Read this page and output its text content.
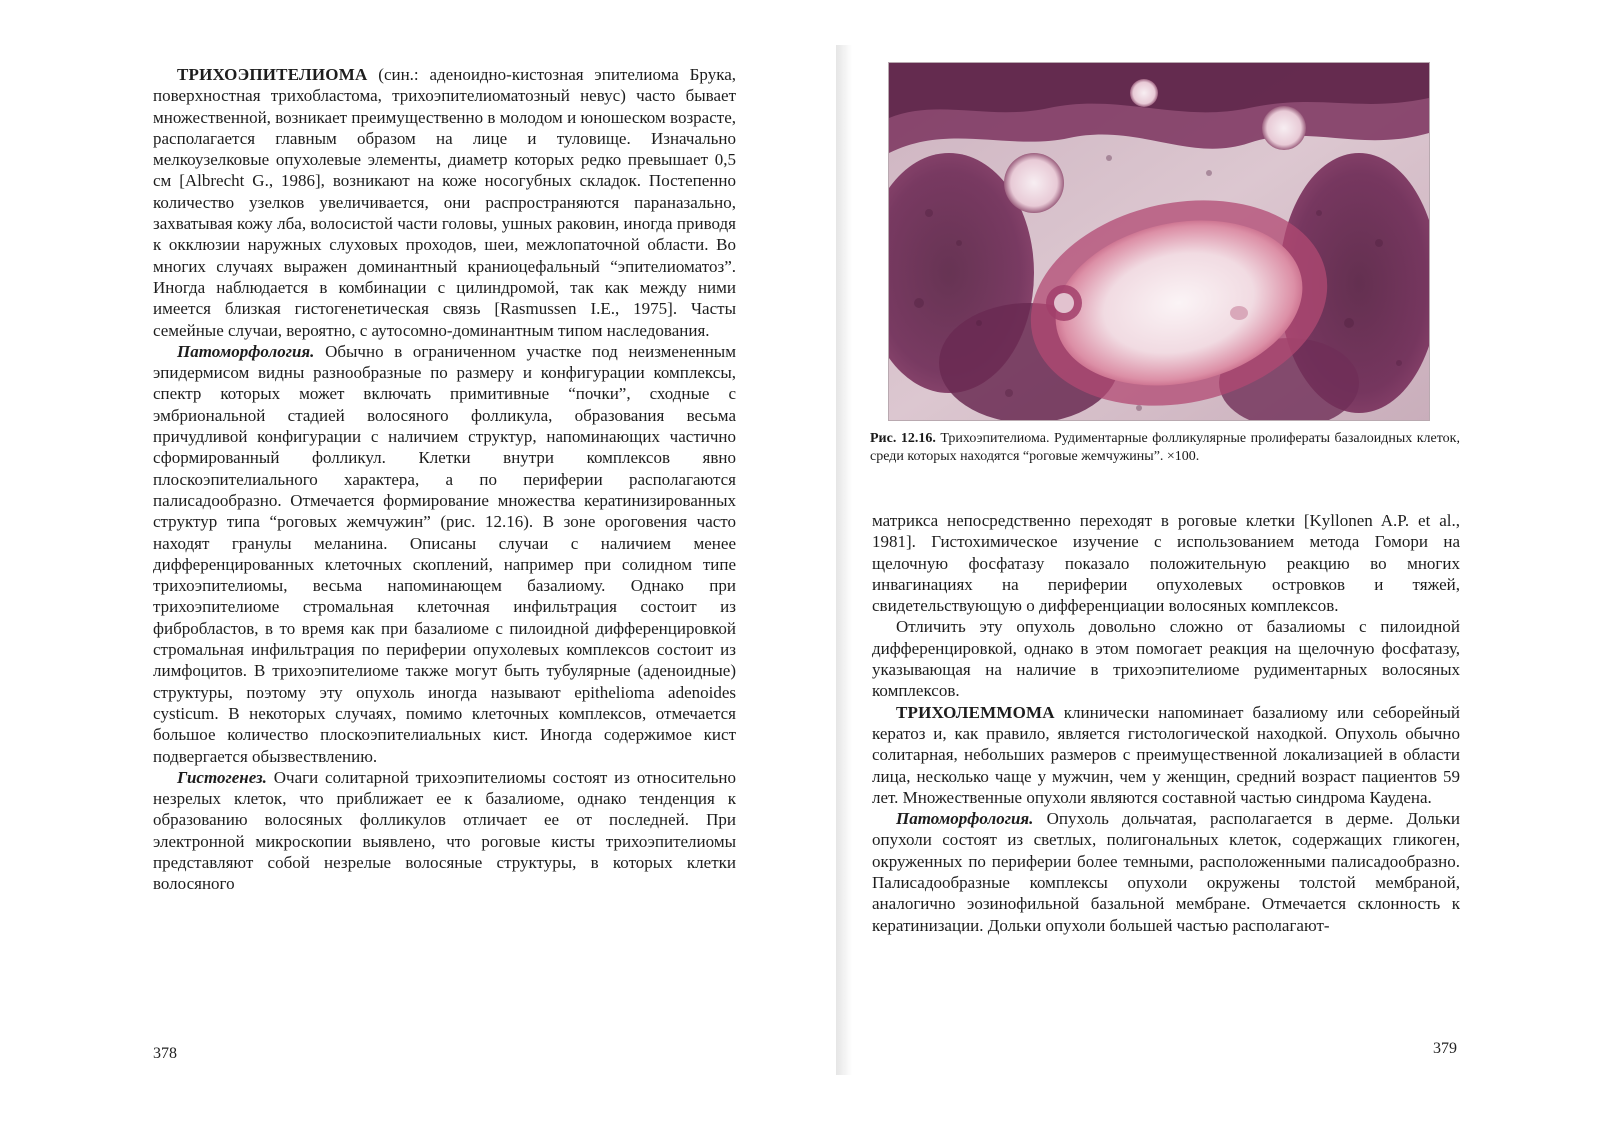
ТРИХОЭПИТЕЛИОМА (син.: аденоидно-кистозная эпителиома Брука, поверхностная трихобластома, трихоэпителиоматозный невус) часто бывает множественной, возникает преимущественно в молодом и юношеском возрасте, располагается главным образом на лице и туловище. Изначально мелкоузелковые опухолевые элементы, диаметр которых редко превышает 0,5 см [Albrecht G., 1986], возникают на коже носогубных складок. Постепенно количество узелков увеличивается, они распространяются параназально, захватывая кожу лба, волосистой части головы, ушных раковин, иногда приводя к окклюзии наружных слуховых проходов, шеи, межлопаточной области. Во многих случаях выражен доминантный краниоцефальный “эпителиоматоз”. Иногда наблюдается в комбинации с цилиндромой, так как между ними имеется близкая гистогенетическая связь [Rasmussen I.E., 1975]. Часты семейные случаи, вероятно, с аутосомно-доминантным типом наследования.

Патоморфология. Обычно в ограниченном участке под неизмененным эпидермисом видны разнообразные по размеру и конфигурации комплексы, спектр которых может включать примитивные “почки”, сходные с эмбриональной стадией волосяного фолликула, образования весьма причудливой конфигурации с наличием структур, напоминающих частично сформированный фолликул. Клетки внутри комплексов явно плоскоэпителиального характера, а по периферии располагаются палисадообразно. Отмечается формирование множества кератинизированных структур типа “роговых жемчужин” (рис. 12.16). В зоне ороговения часто находят гранулы меланина. Описаны случаи с наличием менее дифференцированных клеточных скоплений, например при солидном типе трихоэпителиомы, весьма напоминающем базалиому. Однако при трихоэпителиоме стромальная клеточная инфильтрация состоит из фибробластов, в то время как при базалиоме с пилоидной дифференцировкой стромальная инфильтрация по периферии опухолевых комплексов состоит из лимфоцитов. В трихоэпителиоме также могут быть тубулярные (аденоидные) структуры, поэтому эту опухоль иногда называют epithelioma adenoides cysticum. В некоторых случаях, помимо клеточных комплексов, отмечается большое количество плоскоэпителиальных кист. Иногда содержимое кист подвергается обызвествлению.

Гистогенез. Очаги солитарной трихоэпителиомы состоят из относительно незрелых клеток, что приближает ее к базалиоме, однако тенденция к образованию волосяных фолликулов отличает ее от последней. При электронной микроскопии выявлено, что роговые кисты трихоэпителиомы представляют собой незрелые волосяные структуры, в которых клетки волосяного

378
Рис. 12.16. Трихоэпителиома. Рудиментарные фолликулярные пролифераты базалоидных клеток, среди которых находятся “роговые жемчужины”. ×100.

матрикса непосредственно переходят в роговые клетки [Kyllonen A.P. et al., 1981]. Гистохимическое изучение с использованием метода Гомори на щелочную фосфатазу показало положительную реакцию во многих инвагинациях на периферии опухолевых островков и тяжей, свидетельствующую о дифференциации волосяных комплексов.

Отличить эту опухоль довольно сложно от базалиомы с пилоидной дифференцировкой, однако в этом помогает реакция на щелочную фосфатазу, указывающая на наличие в трихоэпителиоме рудиментарных волосяных комплексов.

ТРИХОЛЕММОМА клинически напоминает базалиому или себорейный кератоз и, как правило, является гистологической находкой. Опухоль обычно солитарная, небольших размеров с преимущественной локализацией в области лица, несколько чаще у мужчин, чем у женщин, средний возраст пациентов 59 лет. Множественные опухоли являются составной частью синдрома Каудена.

Патоморфология. Опухоль дольчатая, располагается в дерме. Дольки опухоли состоят из светлых, полигональных клеток, содержащих гликоген, окруженных по периферии более темными, расположенными палисадообразно. Палисадообразные комплексы опухоли окружены толстой мембраной, аналогично эозинофильной базальной мембране. Отмечается склонность к кератинизации. Дольки опухоли большей частью располагают-

379
